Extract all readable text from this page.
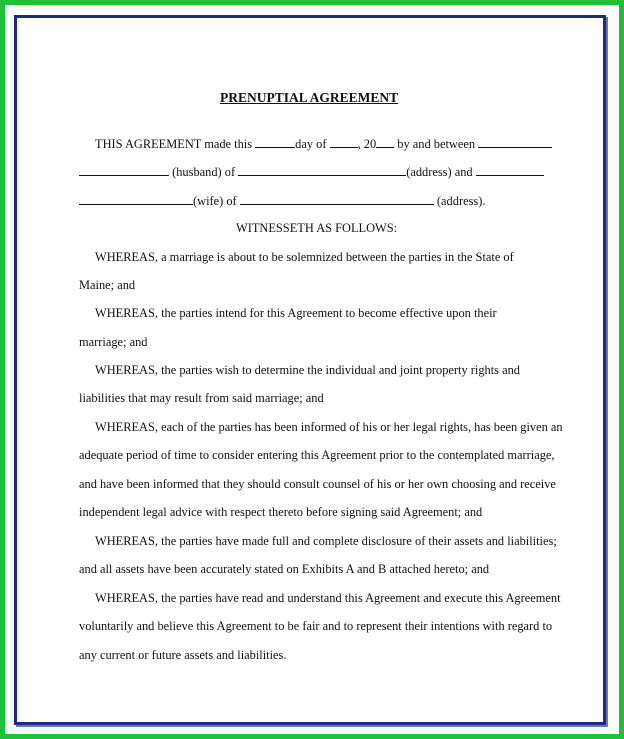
PRENUPTIAL AGREEMENT
THIS AGREEMENT made this	day of	, 20 by and between
(husband) of	(address) and
(wife) of	(address).
WITNESSETH AS FOLLOWS:
WHEREAS, a marriage is about to be solemnized between the parties in the State of
Maine; and
WHEREAS, the parties intend for this Agreement to become effective upon their
marriage; and
WHEREAS, the parties wish to determine the individual and joint property rights and
liabilities that may result from said marriage; and
WHEREAS, each of the parties has been informed of his or her legal rights, has been given an
adequate period of time to consider entering this Agreement prior to the contemplated marriage,
and have been informed that they should consult counsel of his or her own choosing and receive
independent legal advice with respect thereto before signing said Agreement; and
WHEREAS, the parties have made full and complete disclosure of their assets and liabilities;
and all assets have been accurately stated on Exhibits A and B attached hereto; and
WHEREAS, the parties have read and understand this Agreement and execute this Agreement
voluntarily and believe this Agreement to be fair and to represent their intentions with regard to
any current or future assets and liabilities.
